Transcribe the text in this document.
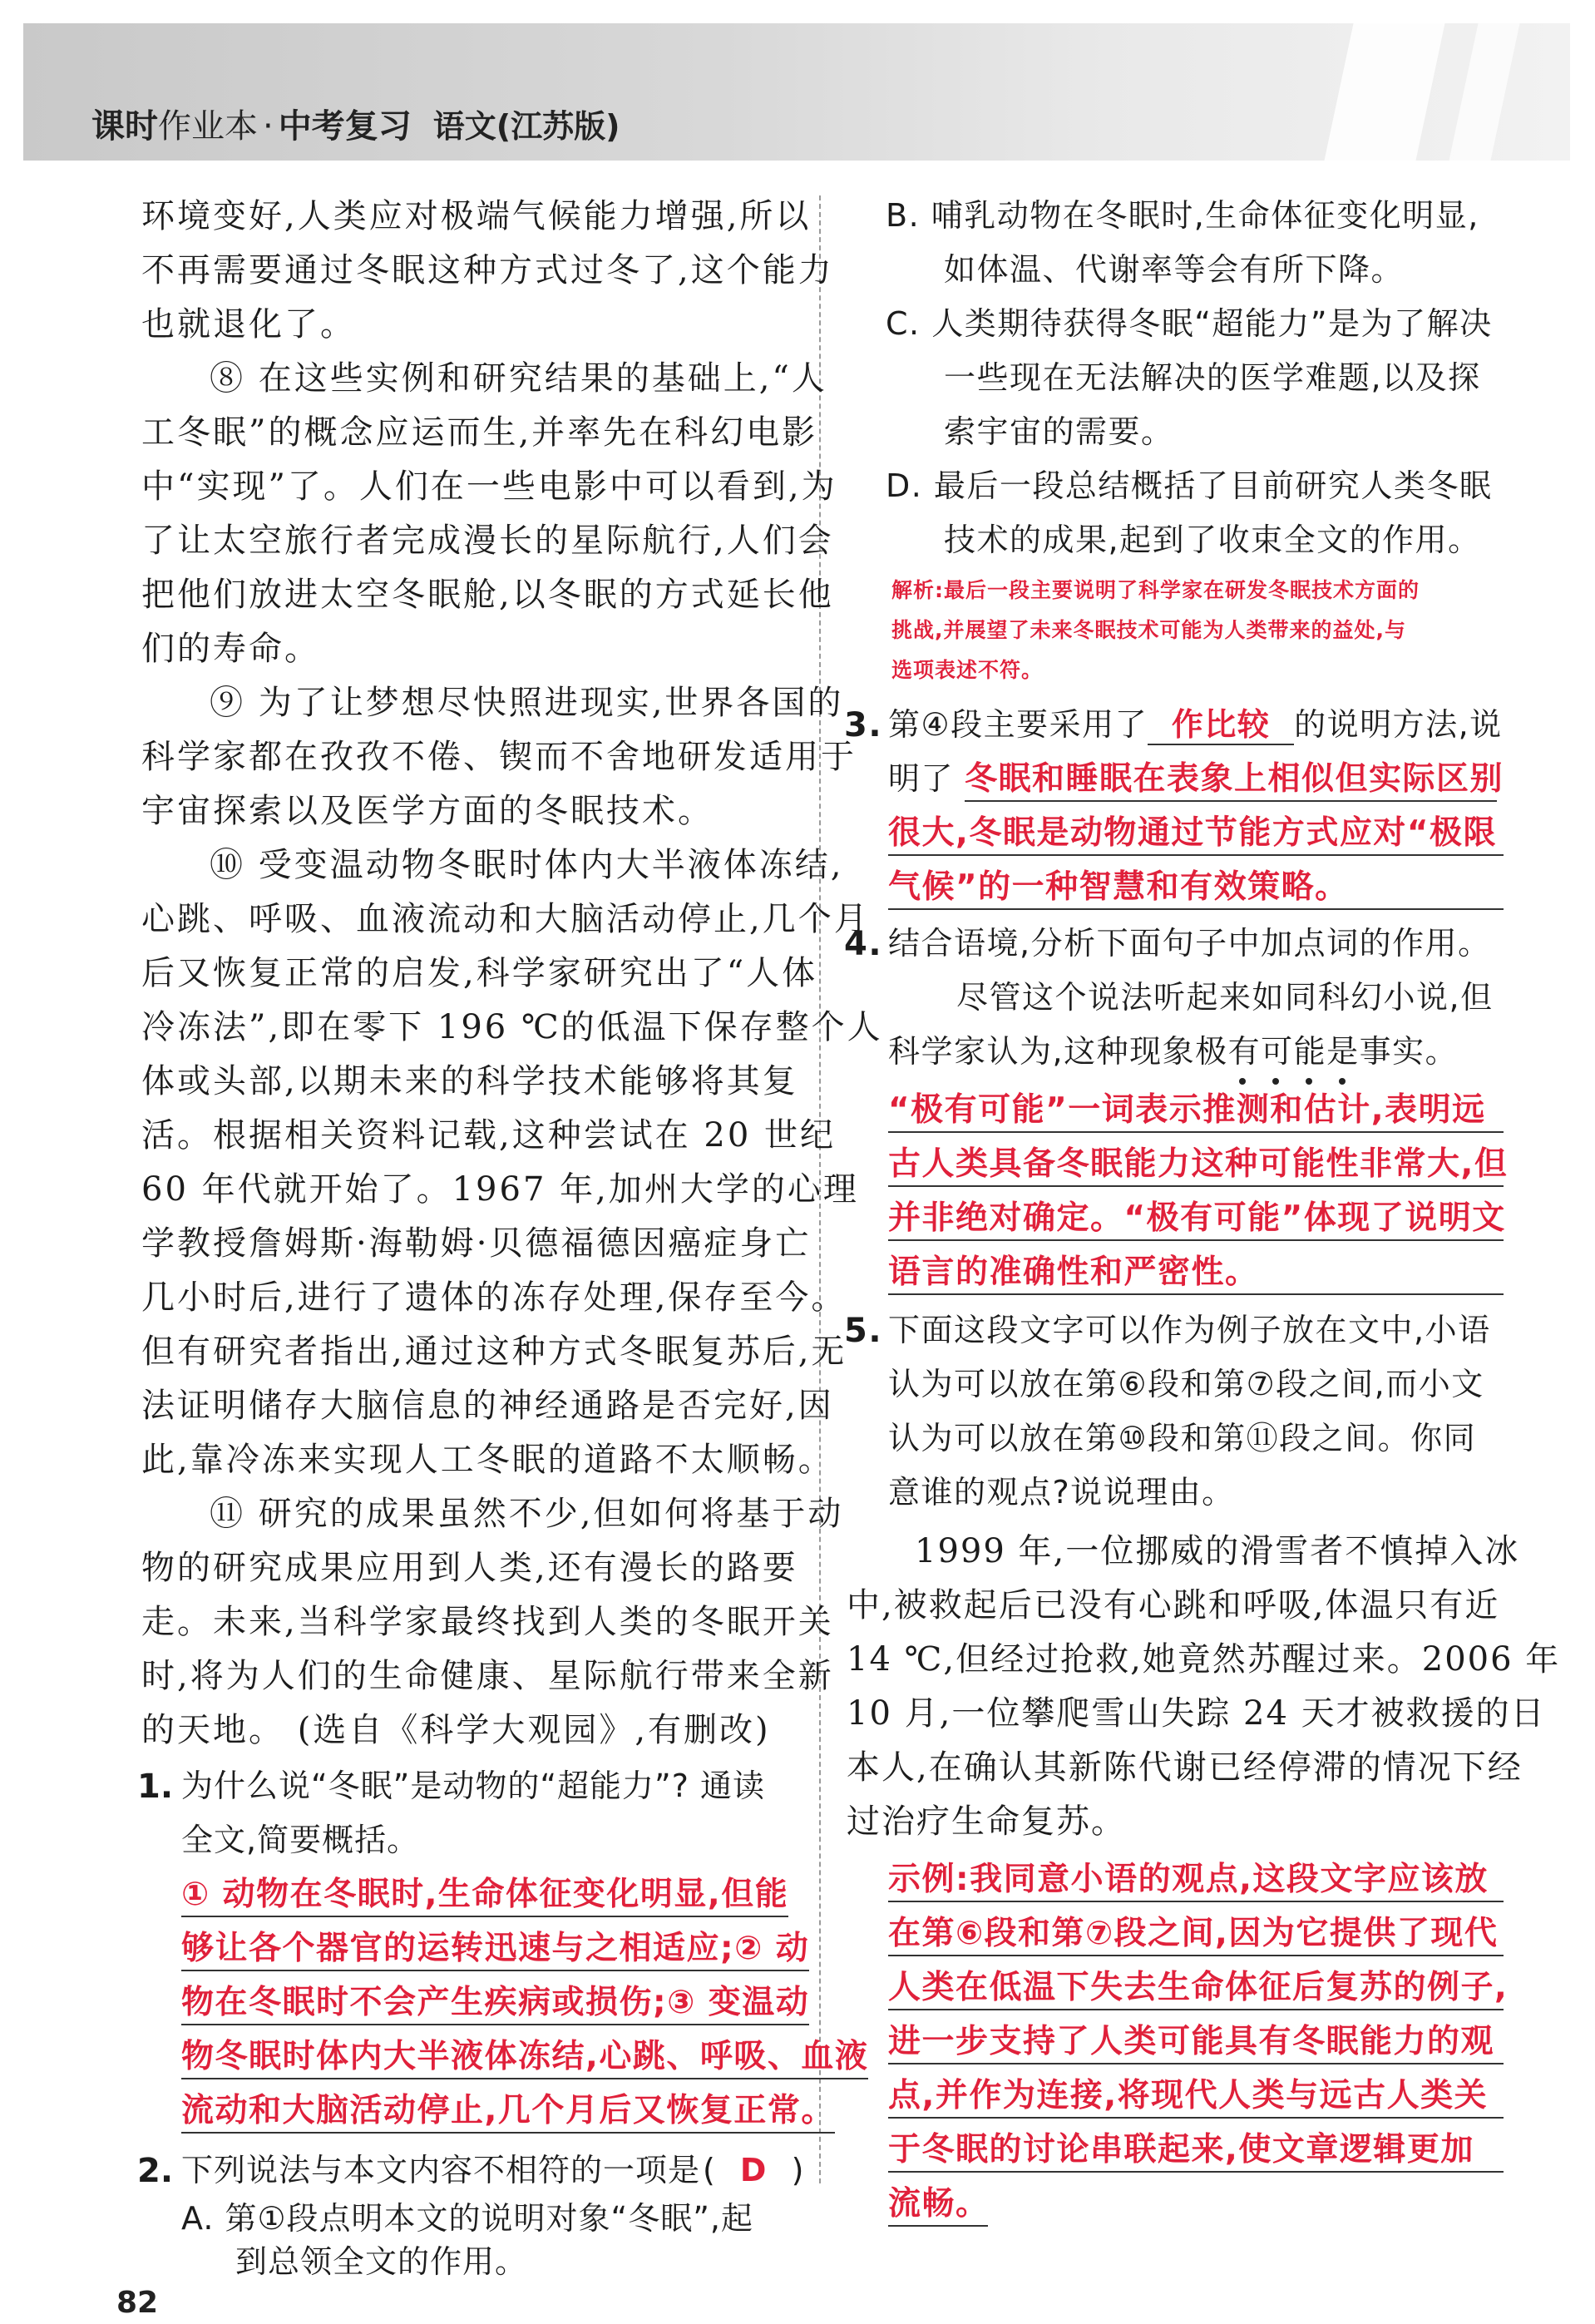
课时作业本 · 中考复习 语文(江苏版)
环境变好,人类应对极端气候能力增强,所以
不再需要通过冬眠这种方式过冬了,这个能力
也就退化了。
⑧ 在这些实例和研究结果的基础上,“人
工冬眠”的概念应运而生,并率先在科幻电影
中“实现”了。人们在一些电影中可以看到,为
了让太空旅行者完成漫长的星际航行,人们会
把他们放进太空冬眠舱,以冬眠的方式延长他
们的寿命。
⑨ 为了让梦想尽快照进现实,世界各国的
科学家都在孜孜不倦、锲而不舍地研发适用于
宇宙探索以及医学方面的冬眠技术。
⑩ 受变温动物冬眠时体内大半液体冻结,
心跳、呼吸、血液流动和大脑活动停止,几个月
后又恢复正常的启发,科学家研究出了“人体
冷冻法”,即在零下 196 ℃的低温下保存整个人
体或头部,以期未来的科学技术能够将其复
活。根据相关资料记载,这种尝试在 20 世纪
60 年代就开始了。1967 年,加州大学的心理
学教授詹姆斯·海勒姆·贝德福德因癌症身亡
几小时后,进行了遗体的冻存处理,保存至今。
但有研究者指出,通过这种方式冬眠复苏后,无
法证明储存大脑信息的神经通路是否完好,因
此,靠冷冻来实现人工冬眠的道路不太顺畅。
⑪ 研究的成果虽然不少,但如何将基于动
物的研究成果应用到人类,还有漫长的路要
走。未来,当科学家最终找到人类的冬眠开关
时,将为人们的生命健康、星际航行带来全新
的天地。 (选自《科学大观园》,有删改)
1. 为什么说“冬眠”是动物的“超能力”? 通读
全文,简要概括。
① 动物在冬眠时,生命体征变化明显,但能
够让各个器官的运转迅速与之相适应;② 动
物在冬眠时不会产生疾病或损伤;③ 变温动
物冬眠时体内大半液体冻结,心跳、呼吸、血液
流动和大脑活动停止,几个月后又恢复正常。
2. 下列说法与本文内容不相符的一项是 ( D )
A. 第①段点明本文的说明对象“冬眠”,起
82
B. 哺乳动物在冬眠时,生命体征变化明显,
如体温、代谢率等会有所下降。
C. 人类期待获得冬眠“超能力”是为了解决
一些现在无法解决的医学难题,以及探
索宇宙的需要。
D. 最后一段总结概括了目前研究人类冬眠
技术的成果,起到了收束全文的作用。
解析:最后一段主要说明了科学家在研发冬眠技术方面的
挑战,并展望了未来冬眠技术可能为人类带来的益处,与
选项表述不符。
3. 第④段主要采用了 作比较 的说明方法,说
明了 冬眠和睡眠在表象上相似但实际区别
很大,冬眠是动物通过节能方式应对“极限
气候”的一种智慧和有效策略。
4. 结合语境,分析下面句子中加点词的作用。
尽管这个说法听起来如同科幻小说,但
科学家认为,这种现象极有可能是事实。
“极有可能”一词表示推测和估计,表明远
古人类具备冬眠能力这种可能性非常大,但
并非绝对确定。“极有可能”体现了说明文
语言的准确性和严密性。
5. 下面这段文字可以作为例子放在文中,小语
认为可以放在第⑥段和第⑦段之间,而小文
认为可以放在第⑩段和第⑪段之间。你同
意谁的观点?说说理由。
1999 年,一位挪威的滑雪者不慎掉入冰
中,被救起后已没有心跳和呼吸,体温只有近
14 ℃,但经过抢救,她竟然苏醒过来。2006 年
10 月,一位攀爬雪山失踪 24 天才被救援的日
本人,在确认其新陈代谢已经停滞的情况下经
过治疗生命复苏。
示例:我同意小语的观点,这段文字应该放
在第⑥段和第⑦段之间,因为它提供了现代
人类在低温下失去生命体征后复苏的例子,
进一步支持了人类可能具有冬眠能力的观
点,并作为连接,将现代人类与远古人类关
于冬眠的讨论串联起来,使文章逻辑更加
流畅。
到总领全文的作用。
